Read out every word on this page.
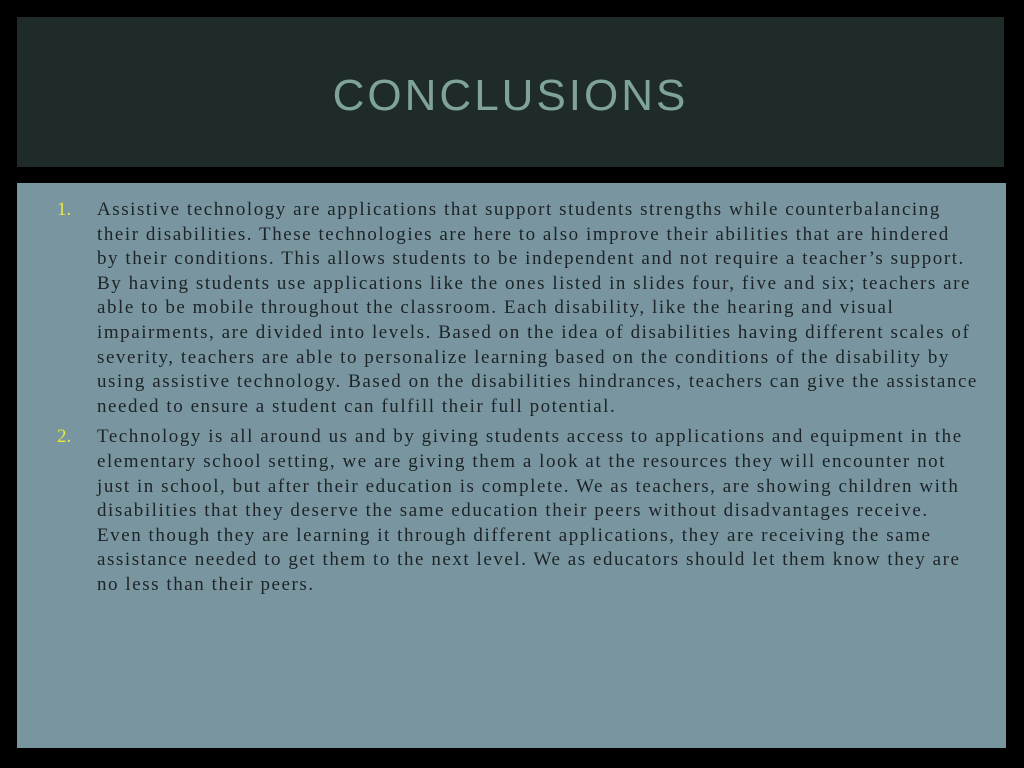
CONCLUSIONS
1. Assistive technology are applications that support students strengths while counterbalancing their disabilities. These technologies are here to also improve their abilities that are hindered by their conditions. This allows students to be independent and not require a teacher’s support. By having students use applications like the ones listed in slides four, five and six; teachers are able to be mobile throughout the classroom. Each disability, like the hearing and visual impairments, are divided into levels. Based on the idea of disabilities having different scales of severity, teachers are able to personalize learning based on the conditions of the disability by using assistive technology. Based on the disabilities hindrances, teachers can give the assistance needed to ensure a student can fulfill their full potential.
2. Technology is all around us and by giving students access to applications and equipment in the elementary school setting, we are giving them a look at the resources they will encounter not just in school, but after their education is complete. We as teachers, are showing children with disabilities that they deserve the same education their peers without disadvantages receive. Even though they are learning it through different applications, they are receiving the same assistance needed to get them to the next level. We as educators should let them know they are no less than their peers.
